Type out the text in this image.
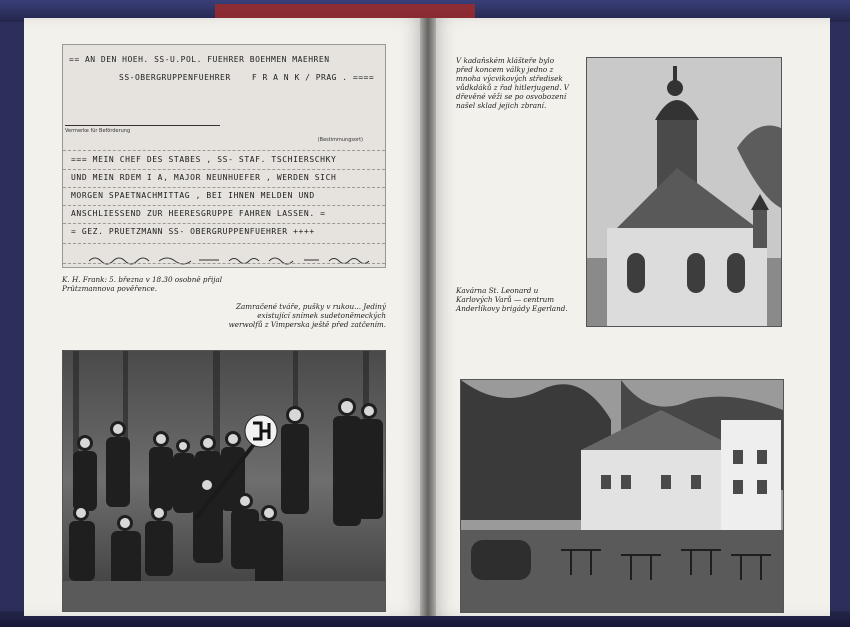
== AN DEN HOEH. SS-U.POL. FUEHRER BOEHMEN MAEHREN
SS-OBERGRUPPENFUEHRER    F R A N K / PRAG . ====
Vermerke für Beförderung
(Bestimmungsort)
=== MEIN CHEF DES STABES , SS- STAF. TSCHIERSCHKY
UND MEIN RDEM I A, MAJOR NEUNHUEFER , WERDEN SICH
MORGEN SPAETNACHMITTAG , BEI IHNEN MELDEN UND
ANSCHLIESSEND ZUR HEERESGRUPPE FAHREN LASSEN. =
= GEZ. PRUETZMANN SS- OBERGRUPPENFUEHRER ++++
K. H. Frank: 5. března v 18.30 osobně přijal Prützmannova pověřence.
Zamračené tváře, pušky v rukou... Jediný existující snímek sudetoněmeckých werwolfů z Vimperska ještě před zatčením.
V kadaňském klášteře bylo před koncem války jedno z mnoha výcvikových středisek vůdkdáků z řad hitlerjugend. V dřevěné věži se po osvobození našel sklad jejich zbraní.
Kavárna St. Leonard u Karlových Varů — centrum Anderlíkovy brigády Egerland.
